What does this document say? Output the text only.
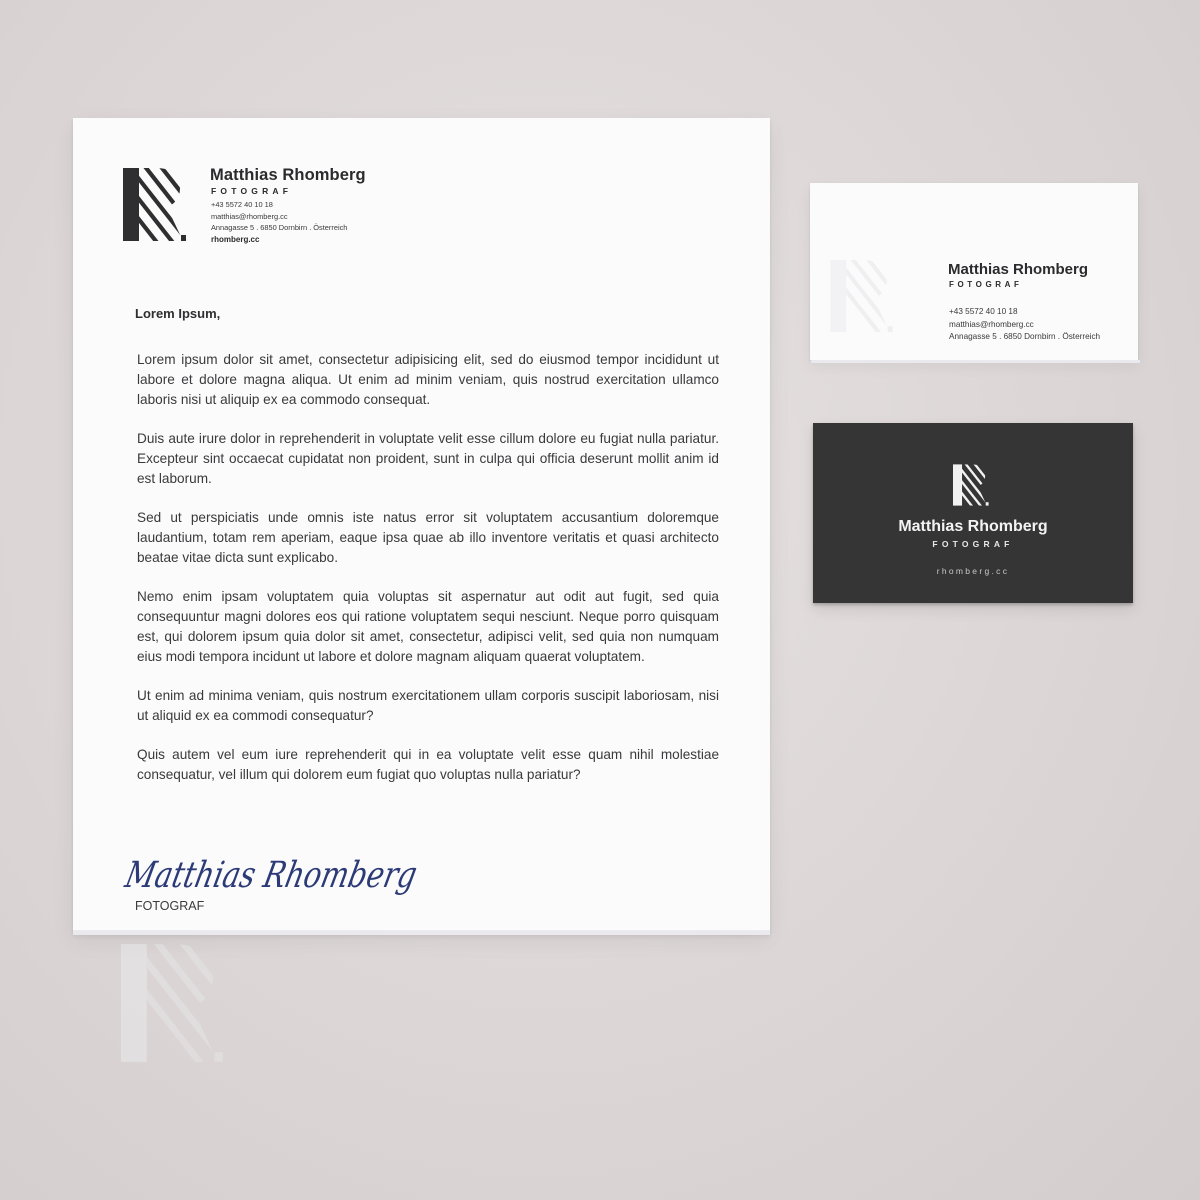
Matthias Rhomberg
FOTOGRAF
+43 5572 40 10 18
matthias@rhomberg.cc
Annagasse 5 . 6850 Dornbirn . Österreich
rhomberg.cc
Lorem Ipsum,

Lorem ipsum dolor sit amet, consectetur adipisicing elit, sed do eiusmod tempor incididunt ut labore et dolore magna aliqua. Ut enim ad minim veniam, quis nostrud exercitation ullamco laboris nisi ut aliquip ex ea commodo consequat.

Duis aute irure dolor in reprehenderit in voluptate velit esse cillum dolore eu fugiat nulla pariatur. Excepteur sint occaecat cupidatat non proident, sunt in culpa qui officia deserunt mollit anim id est laborum.

Sed ut perspiciatis unde omnis iste natus error sit voluptatem accusantium doloremque laudantium, totam rem aperiam, eaque ipsa quae ab illo inventore veritatis et quasi architecto beatae vitae dicta sunt explicabo.

Nemo enim ipsam voluptatem quia voluptas sit aspernatur aut odit aut fugit, sed quia consequuntur magni dolores eos qui ratione voluptatem sequi nesciunt. Neque porro quisquam est, qui dolorem ipsum quia dolor sit amet, consectetur, adipisci velit, sed quia non numquam eius modi tempora incidunt ut labore et dolore magnam aliquam quaerat voluptatem.

Ut enim ad minima veniam, quis nostrum exercitationem ullam corporis suscipit laboriosam, nisi ut aliquid ex ea commodi consequatur?

Quis autem vel eum iure reprehenderit qui in ea voluptate velit esse quam nihil molestiae consequatur, vel illum qui dolorem eum fugiat quo voluptas nulla pariatur?

Matthias Rhomberg
FOTOGRAF
Matthias Rhomberg
FOTOGRAF
+43 5572 40 10 18
matthias@rhomberg.cc
Annagasse 5 . 6850 Dornbirn . Österreich
Matthias Rhomberg
FOTOGRAF
rhomberg.cc
